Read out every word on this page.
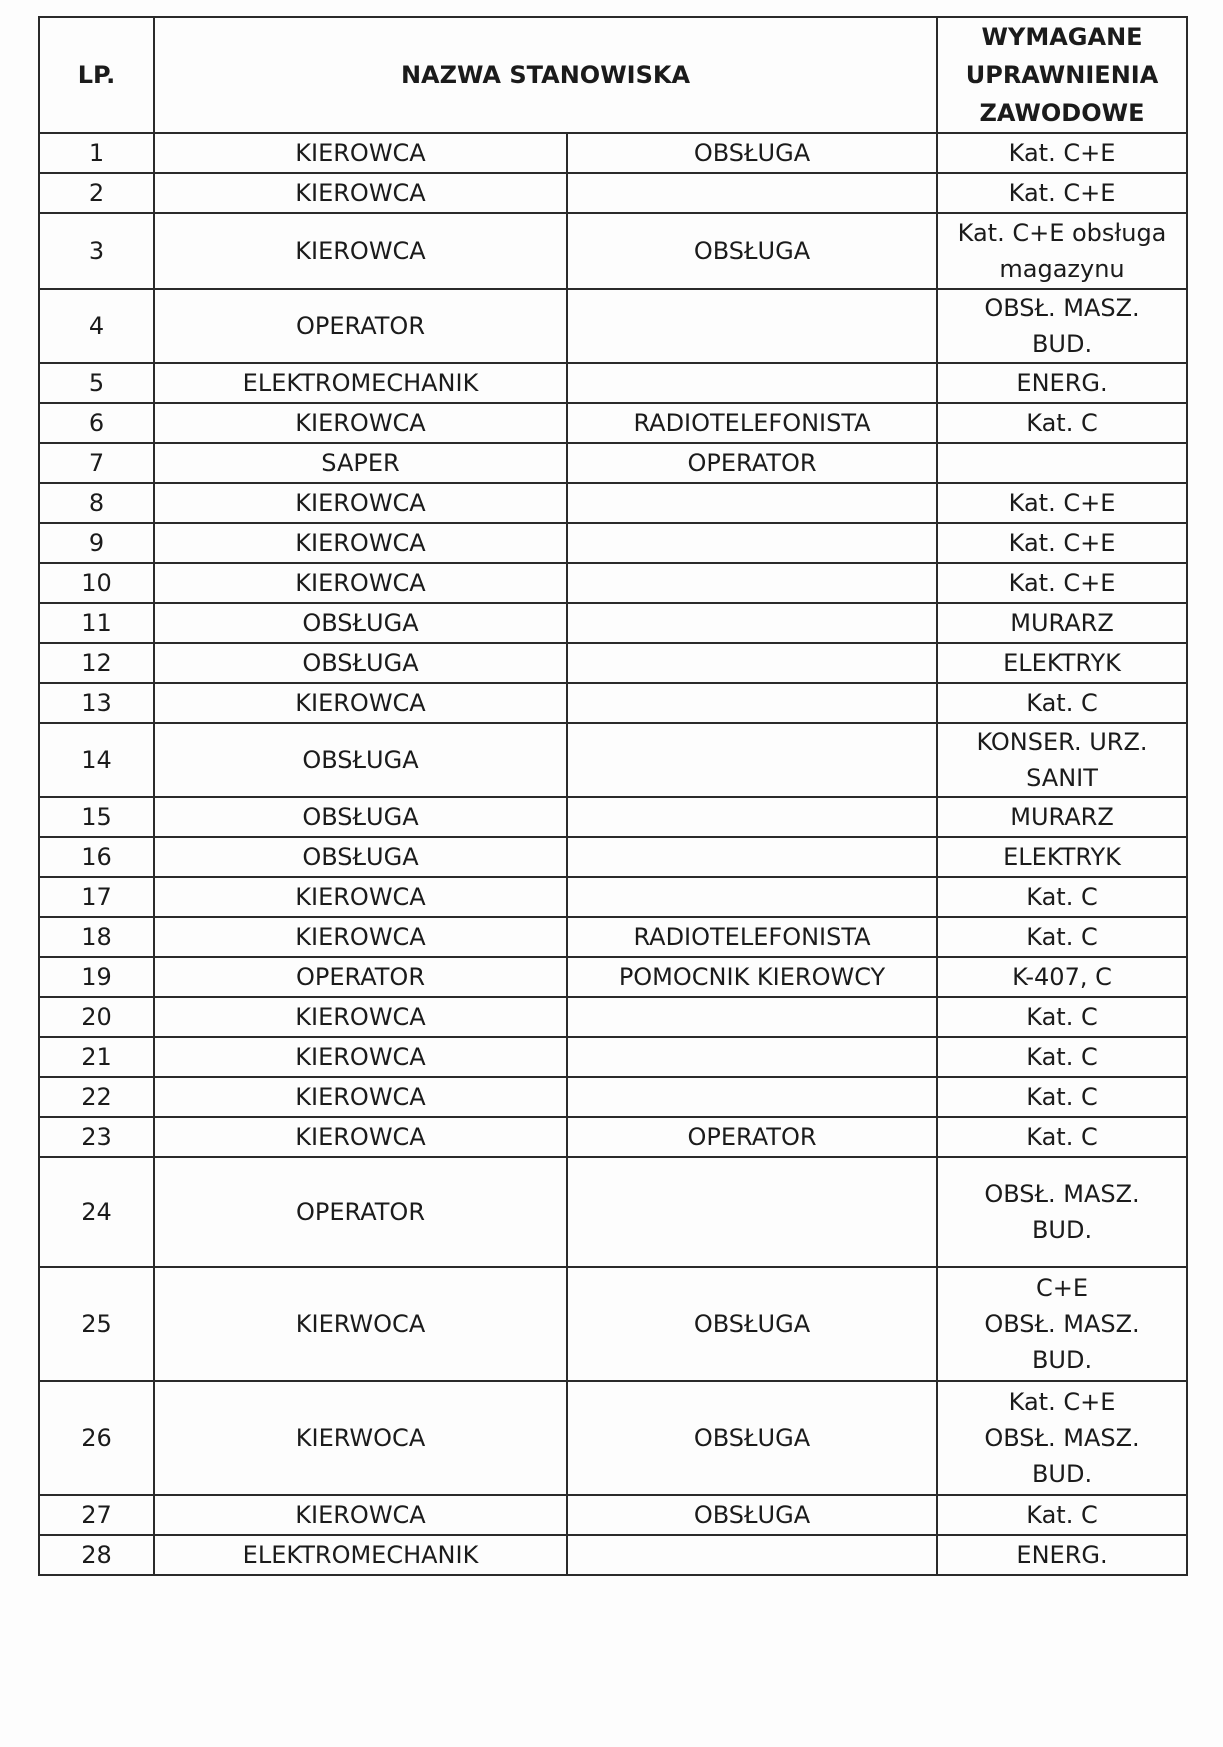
LP.	NAZWA STANOWISKA		WYMAGANE
UPRAWNIENIA
ZAWODOWE
1	KIEROWCA	OBSŁUGA	Kat. C+E
2	KIEROWCA		Kat. C+E
3	KIEROWCA	OBSŁUGA	Kat. C+E obsługa
magazynu
4	OPERATOR		OBSŁ. MASZ.
BUD.
5	ELEKTROMECHANIK		ENERG.
6	KIEROWCA	RADIOTELEFONISTA	Kat. C
7	SAPER	OPERATOR	
8	KIEROWCA		Kat. C+E
9	KIEROWCA		Kat. C+E
10	KIEROWCA		Kat. C+E
11	OBSŁUGA		MURARZ
12	OBSŁUGA		ELEKTRYK
13	KIEROWCA		Kat. C
14	OBSŁUGA		KONSER. URZ.
SANIT
15	OBSŁUGA		MURARZ
16	OBSŁUGA		ELEKTRYK
17	KIEROWCA		Kat. C
18	KIEROWCA	RADIOTELEFONISTA	Kat. C
19	OPERATOR	POMOCNIK KIEROWCY	K-407, C
20	KIEROWCA		Kat. C
21	KIEROWCA		Kat. C
22	KIEROWCA		Kat. C
23	KIEROWCA	OPERATOR	Kat. C
24	OPERATOR		OBSŁ. MASZ.
BUD.
25	KIERWOCA	OBSŁUGA	C+E
OBSŁ. MASZ.
BUD.
26	KIERWOCA	OBSŁUGA	Kat. C+E
OBSŁ. MASZ.
BUD.
27	KIEROWCA	OBSŁUGA	Kat. C
28	ELEKTROMECHANIK		ENERG.
